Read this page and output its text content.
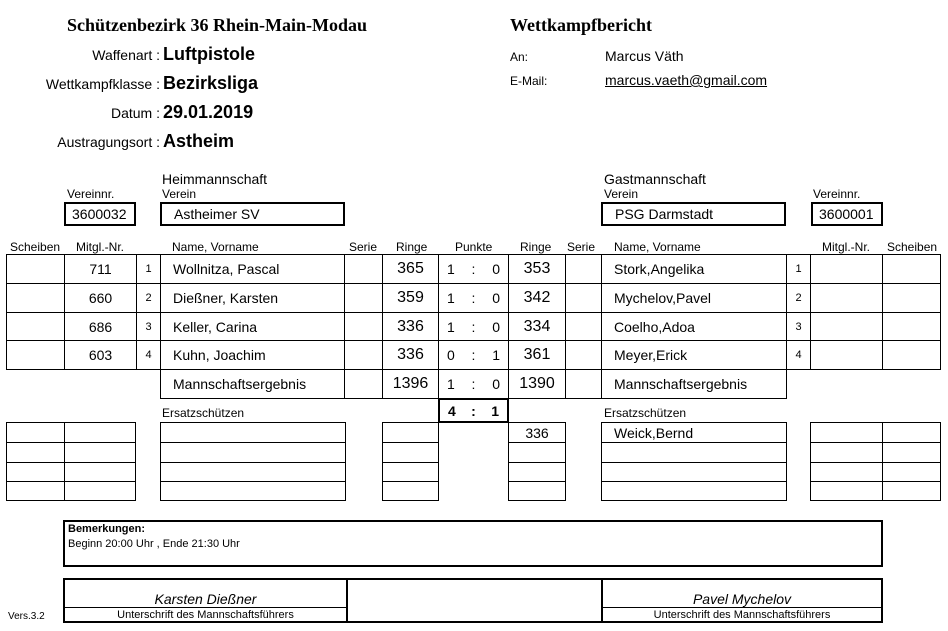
Schützenbezirk 36 Rhein-Main-Modau	Wettkampfbericht
Waffenart : Luftpistole
Wettkampfklasse : Bezirksliga
Datum : 29.01.2019
Austragungsort : Astheim
An:	Marcus Väth
E-Mail:	marcus.vaeth@gmail.com
Heimmannschaft
Verein
Vereinnr.
3600032	Astheimer SV
Gastmannschaft
Verein	Vereinnr.
PSG Darmstadt	3600001
Scheiben Mitgl.-Nr.	Name, Vorname	Serie Ringe Punkte Ringe Serie Name, Vorname	Mitgl.-Nr. Scheiben
711	1	Wollnitza, Pascal	365	1 : 0	353	Stork,Angelika	1
660	2	Dießner, Karsten	359	1 : 0	342	Mychelov,Pavel	2
686	3	Keller, Carina	336	1 : 0	334	Coelho,Adoa	3
603	4	Kuhn, Joachim	336	0 : 1	361	Meyer,Erick	4
Mannschaftsergebnis	1396	1 : 0	1390	Mannschaftsergebnis
4 : 1
336	Weick,Bernd
Ersatzschützen	Ersatzschützen
Bemerkungen:
Beginn 20:00 Uhr , Ende 21:30 Uhr
Karsten Dießner
Unterschrift des Mannschaftsführers
Pavel Mychelov
Unterschrift des Mannschaftsführers
Vers.3.2
